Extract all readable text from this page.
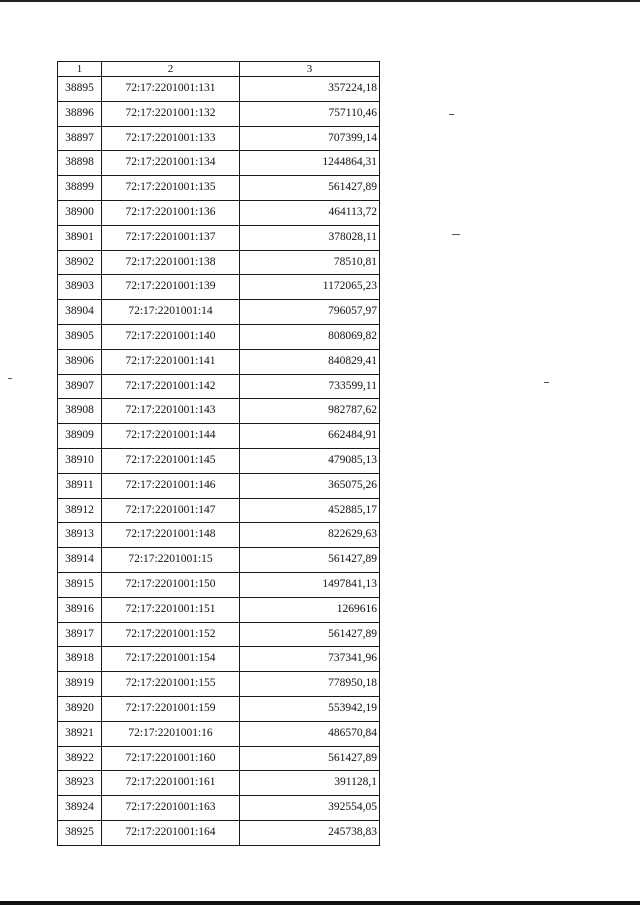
1	2	3
38895	72:17:2201001:131	357224,18
38896	72:17:2201001:132	757110,46
38897	72:17:2201001:133	707399,14
38898	72:17:2201001:134	1244864,31
38899	72:17:2201001:135	561427,89
38900	72:17:2201001:136	464113,72
38901	72:17:2201001:137	378028,11
38902	72:17:2201001:138	78510,81
38903	72:17:2201001:139	1172065,23
38904	72:17:2201001:14	796057,97
38905	72:17:2201001:140	808069,82
38906	72:17:2201001:141	840829,41
38907	72:17:2201001:142	733599,11
38908	72:17:2201001:143	982787,62
38909	72:17:2201001:144	662484,91
38910	72:17:2201001:145	479085,13
38911	72:17:2201001:146	365075,26
38912	72:17:2201001:147	452885,17
38913	72:17:2201001:148	822629,63
38914	72:17:2201001:15	561427,89
38915	72:17:2201001:150	1497841,13
38916	72:17:2201001:151	1269616
38917	72:17:2201001:152	561427,89
38918	72:17:2201001:154	737341,96
38919	72:17:2201001:155	778950,18
38920	72:17:2201001:159	553942,19
38921	72:17:2201001:16	486570,84
38922	72:17:2201001:160	561427,89
38923	72:17:2201001:161	391128,1
38924	72:17:2201001:163	392554,05
38925	72:17:2201001:164	245738,83
